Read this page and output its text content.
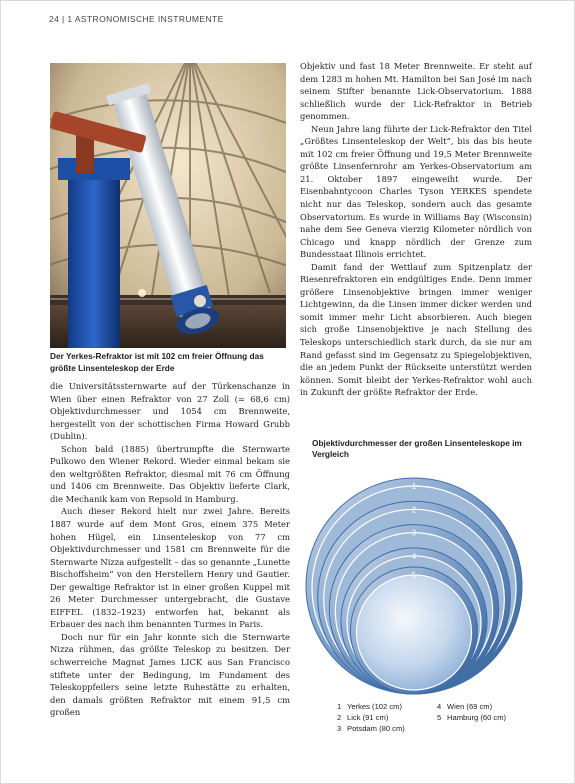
24 | 1 ASTRONOMISCHE INSTRUMENTE
Der Yerkes-Refraktor ist mit 102 cm freier Öffnung das größte Linsenteleskop der Erde

die Universitätssternwarte auf der Türkenschanze in Wien über einen Refraktor von 27 Zoll (= 68,6 cm) Objektivdurchmesser und 1054 cm Brennweite, hergestellt von der schottischen Firma Howard Grubb (Dublin).

Schon bald (1885) übertrumpfte die Sternwarte Pulkowo den Wiener Rekord. Wieder einmal bekam sie den weltgrößten Refraktor, diesmal mit 76 cm Öffnung und 1406 cm Brennweite. Das Objektiv lieferte Clark, die Mechanik kam von Repsold in Hamburg.

Auch dieser Rekord hielt nur zwei Jahre. Bereits 1887 wurde auf dem Mont Gros, einem 375 Meter hohen Hügel, ein Linsenteleskop von 77 cm Objektivdurchmesser und 1581 cm Brennweite für die Sternwarte Nizza aufgestellt – das so genannte „Lunette Bischoffsheim“ von den Herstellern Henry und Gautier. Der gewaltige Refraktor ist in einer großen Kuppel mit 26 Meter Durchmesser untergebracht, die Gustave EIFFEL (1832–1923) entworfen hat, bekannt als Erbauer des nach ihm benannten Turmes in Paris.

Doch nur für ein Jahr konnte sich die Sternwarte Nizza rühmen, das größte Teleskop zu besitzen. Der schwerreiche Magnat James LICK aus San Francisco stiftete unter der Bedingung, im Fundament des Teleskoppfeilers seine letzte Ruhestätte zu erhalten, den damals größten Refraktor mit einem 91,5 cm großen

Objektiv und fast 18 Meter Brennweite. Er steht auf dem 1283 m hohen Mt. Hamilton bei San José im nach seinem Stifter benannte Lick-Observatorium. 1888 schließlich wurde der Lick-Refraktor in Betrieb genommen.

Neun Jahre lang führte der Lick-Refraktor den Titel „Größtes Linsenteleskop der Welt“, bis das bis heute mit 102 cm freier Öffnung und 19,5 Meter Brennweite größte Linsenfernrohr am Yerkes-Observatorium am 21. Oktober 1897 eingeweiht wurde. Der Eisenbahntycoon Charles Tyson YERKES spendete nicht nur das Teleskop, sondern auch das gesamte Observatorium. Es wurde in Williams Bay (Wisconsin) nahe dem See Geneva vierzig Kilometer nördlich von Chicago und knapp nördlich der Grenze zum Bundesstaat Illinois errichtet.

Damit fand der Wettlauf zum Spitzenplatz der Riesenrefraktoren ein endgültiges Ende. Denn immer größere Linsenobjektive bringen immer weniger Lichtgewinn, da die Linsen immer dicker werden und somit immer mehr Licht absorbieren. Auch biegen sich große Linsenobjektive je nach Stellung des Teleskops unterschiedlich stark durch, da sie nur am Rand gefasst sind im Gegensatz zu Spiegelobjektiven, die an jedem Punkt der Rückseite unterstützt werden können. Somit bleibt der Yerkes-Refraktor wohl auch in Zukunft der größte Refraktor der Erde.

Objektivdurchmesser der großen Linsenteleskope im Vergleich
1
2
3
4
5
1 Yerkes (102 cm)
2 Lick (91 cm)
3 Potsdam (80 cm)
4 Wien (69 cm)
5 Hamburg (60 cm)
